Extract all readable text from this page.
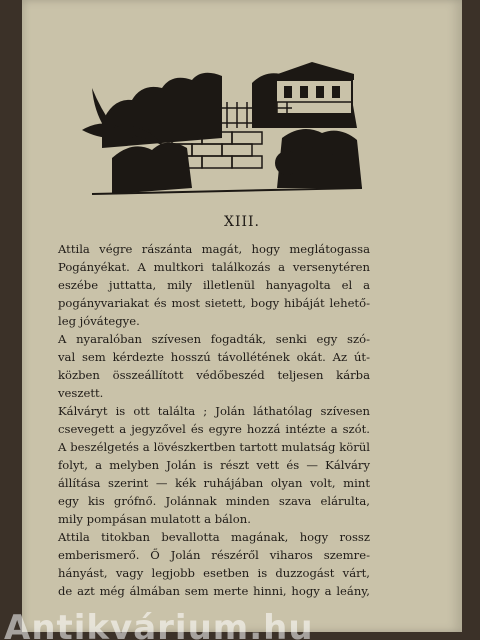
XIII.

Attila végre rászánta magát, hogy meglátogassa
Pogányékat. A multkori találkozás a versenytéren
eszébe juttatta, mily illetlenül hanyagolta el a
pogányvariakat és most sietett, bogy hibáját lehető-
leg jóvátegye.

A nyaralóban szívesen fogadták, senki egy szó-
val sem kérdezte hosszú távollétének okát. Az út-
közben összeállított védőbeszéd teljesen kárba
veszett.

Kálváryt is ott találta ; Jolán láthatólag szívesen
csevegett a jegyzővel és egyre hozzá intézte a szót.
A beszélgetés a lövészkertben tartott mulatság körül
folyt, a melyben Jolán is részt vett és — Kálváry
állítása szerint — kék ruhájában olyan volt, mint
egy kis grófnő. Jolánnak minden szava elárulta,
mily pompásan mulatott a bálon.

Attila titokban bevallotta magának, hogy rossz
emberismerő. Ő Jolán részéről viharos szemre-
hányást, vagy legjobb esetben is duzzogást várt,
de azt még álmában sem merte hinni, hogy a leány,

Antikvárium.hu
